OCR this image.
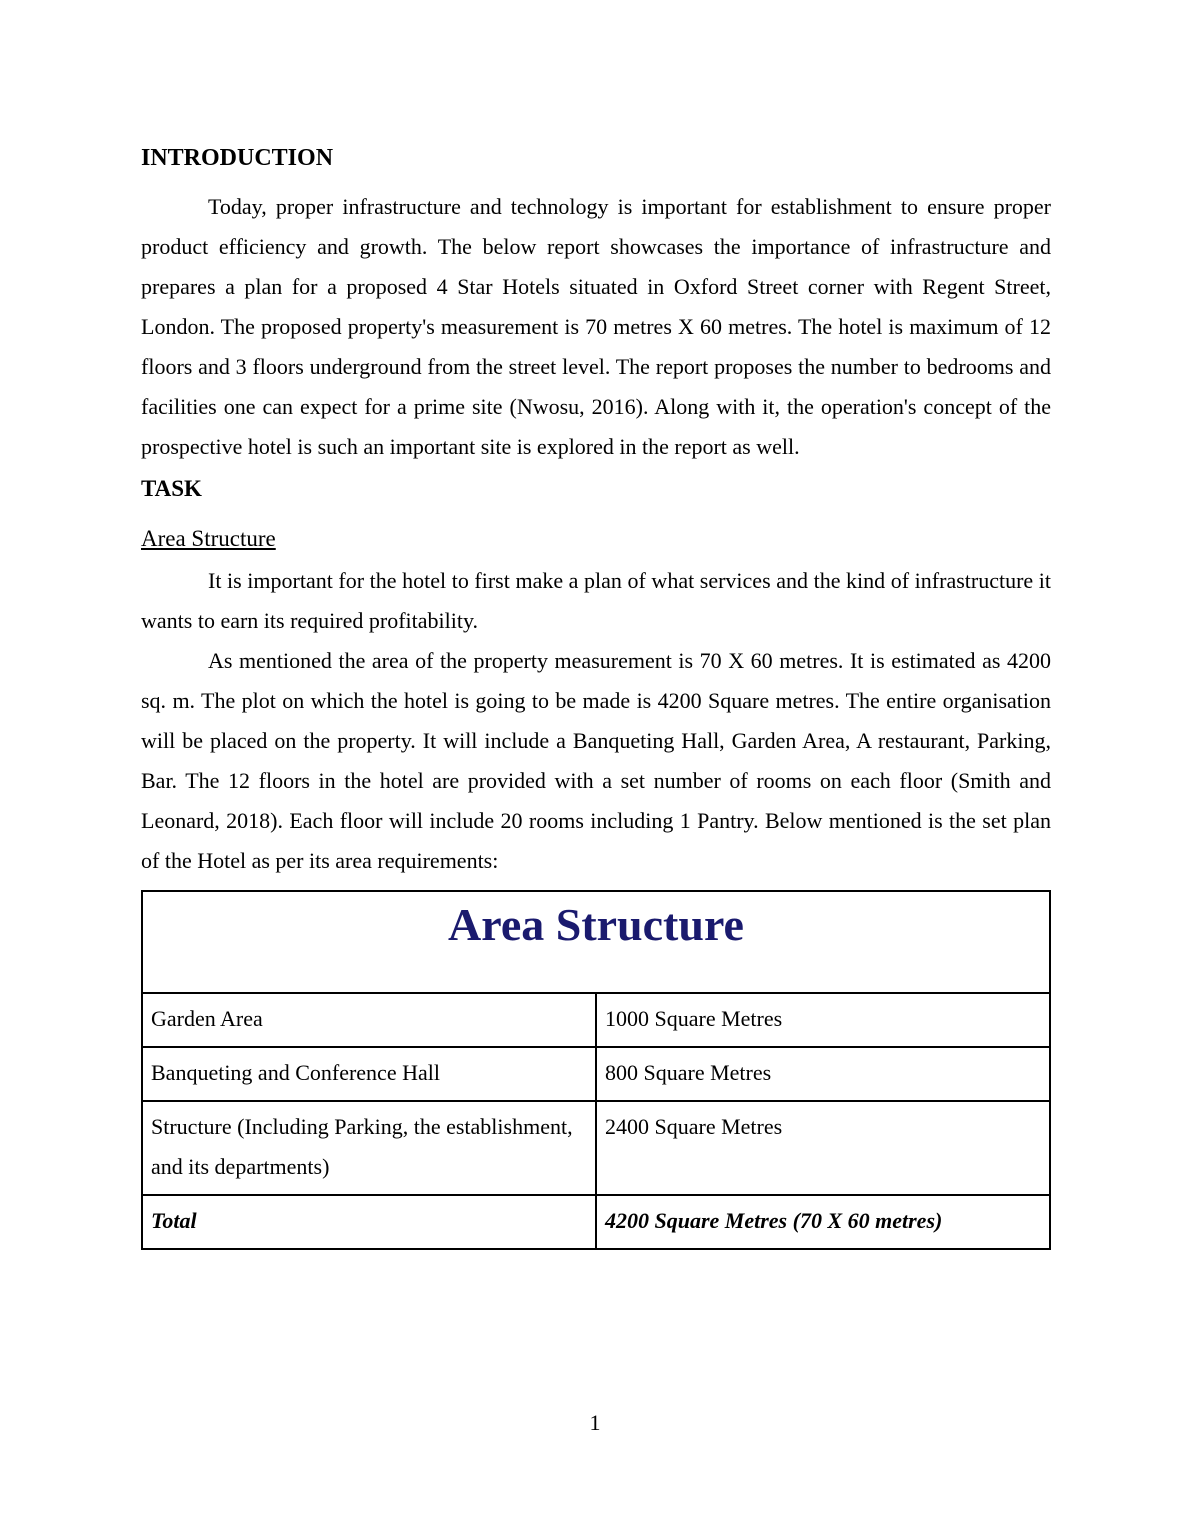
INTRODUCTION

Today, proper infrastructure and technology is important for establishment to ensure proper product efficiency and growth. The below report showcases the importance of infrastructure and prepares a plan for a proposed 4 Star Hotels situated in Oxford Street corner with Regent Street, London. The proposed property's measurement is 70 metres X 60 metres. The hotel is maximum of 12 floors and 3 floors underground from the street level. The report proposes the number to bedrooms and facilities one can expect for a prime site (Nwosu, 2016). Along with it, the operation's concept of the prospective hotel is such an important site is explored in the report as well.

TASK
Area Structure

It is important for the hotel to first make a plan of what services and the kind of infrastructure it wants to earn its required profitability.

As mentioned the area of the property measurement is 70 X 60 metres. It is estimated as 4200 sq. m. The plot on which the hotel is going to be made is 4200 Square metres. The entire organisation will be placed on the property. It will include a Banqueting Hall, Garden Area, A restaurant, Parking, Bar. The 12 floors in the hotel are provided with a set number of rooms on each floor (Smith and Leonard, 2018). Each floor will include 20 rooms including 1 Pantry. Below mentioned is the set plan of the Hotel as per its area requirements:

Area Structure	
Garden Area	1000 Square Metres
Banqueting and Conference Hall	800 Square Metres
Structure (Including Parking, the establishment, and its departments)	2400 Square Metres
Total	4200 Square Metres (70 X 60 metres)
1
